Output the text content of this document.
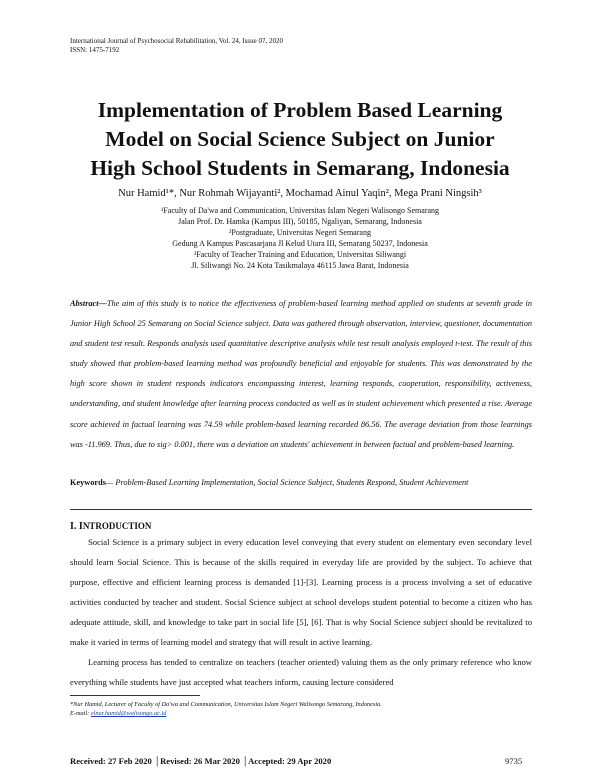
International Journal of Psychosocial Rehabilitation, Vol. 24, Issue 07, 2020
ISSN: 1475-7192
Implementation of Problem Based Learning
Model on Social Science Subject on Junior
High School Students in Semarang, Indonesia
Nur Hamid¹*, Nur Rohmah Wijayanti², Mochamad Ainul Yaqin², Mega Prani Ningsih³
¹Faculty of Da'wa and Communication, Universitas Islam Negeri Walisongo Semarang
Jalan Prof. Dr. Hamka (Kampus III), 50185, Ngaliyan, Semarang, Indonesia
²Postgraduate, Universitas Negeri Semarang
Gedung A Kampus Pascasarjana Jl Kelud Utara III, Semarang 50237, Indonesia
³Faculty of Teacher Training and Education, Universitas Siliwangi
Jl. Siliwangi No. 24 Kota Tasikmalaya 46115 Jawa Barat, Indonesia
Abstract—The aim of this study is to notice the effectiveness of problem-based learning method applied on students at seventh grade in Junior High School 25 Semarang on Social Science subject. Data was gathered through observation, interview, questioner, documentation and student test result. Responds analysis used quantitative descriptive analysis while test result analysis employed t-test. The result of this study showed that problem-based learning method was profoundly beneficial and enjoyable for students. This was demonstrated by the high score shown in student responds indicators encompassing interest, learning responds, cooperation, responsibility, activeness, understanding, and student knowledge after learning process conducted as well as in student achievement which presented a rise. Average score achieved in factual learning was 74.59 while problem-based learning recorded 86.56. The average deviation from those learnings was -11.969. Thus, due to sig> 0.001, there was a deviation on students' achievement in between factual and problem-based learning.
Keywords— Problem-Based Learning Implementation, Social Science Subject, Students Respond, Student Achievement
I. INTRODUCTION

Social Science is a primary subject in every education level conveying that every student on elementary even secondary level should learn Social Science. This is because of the skills required in everyday life are provided by the subject. To achieve that purpose, effective and efficient learning process is demanded [1]-[3]. Learning process is a process involving a set of educative activities conducted by teacher and student. Social Science subject at school develops student potential to become a citizen who has adequate attitude, skill, and knowledge to take part in social life [5], [6]. That is why Social Science subject should be revitalized to make it varied in terms of learning model and strategy that will result in active learning.

Learning process has tended to centralize on teachers (teacher oriented) valuing them as the only primary reference who know everything while students have just accepted what teachers inform, causing lecture considered

*Nur Hamid, Lecturer of Faculty of Da'wa and Communication, Universitas Islam Negeri Walisongo Semarang, Indonesia.
E-mail: elnur.hamid@walisongo.ac.id
Received: 27 Feb 2020 │Revised: 26 Mar 2020 │Accepted: 29 Apr 2020	9735
